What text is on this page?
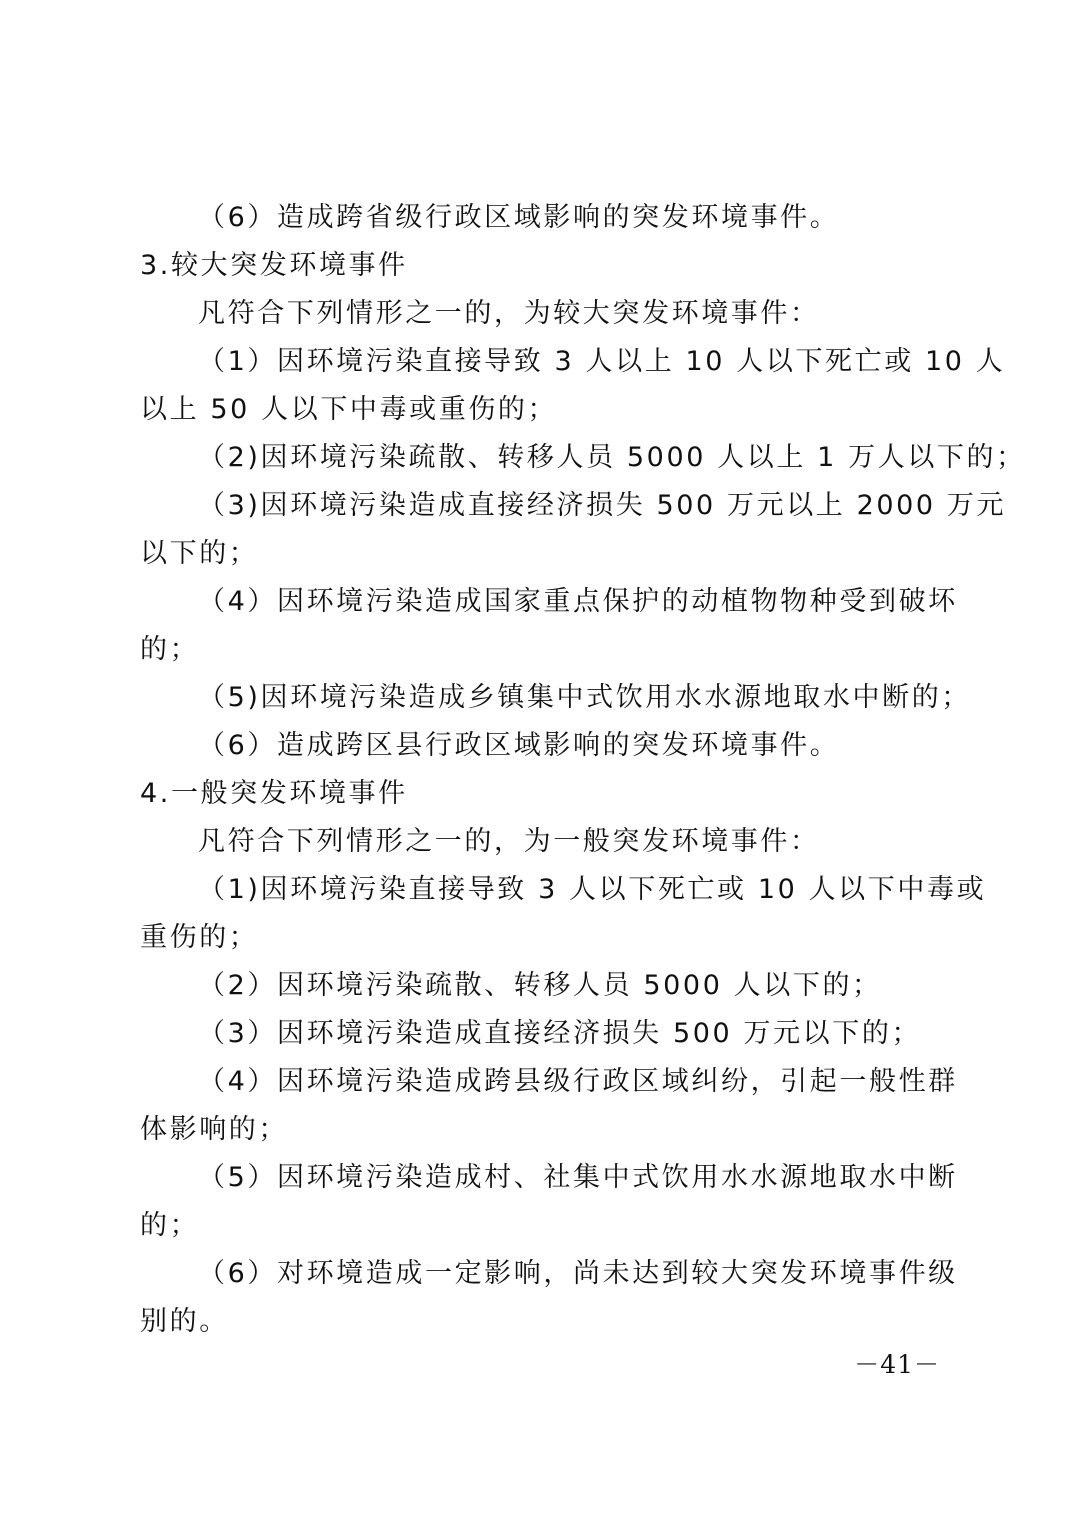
（6）造成跨省级行政区域影响的突发环境事件。
3.较大突发环境事件
凡符合下列情形之一的，为较大突发环境事件：
（1）因环境污染直接导致 3 人以上 10 人以下死亡或 10 人
以上 50 人以下中毒或重伤的；
（2)因环境污染疏散、转移人员 5000 人以上 1 万人以下的；
（3)因环境污染造成直接经济损失 500 万元以上 2000 万元
以下的；
（4）因环境污染造成国家重点保护的动植物物种受到破坏
的；
（5)因环境污染造成乡镇集中式饮用水水源地取水中断的；
（6）造成跨区县行政区域影响的突发环境事件。
4.一般突发环境事件
凡符合下列情形之一的，为一般突发环境事件：
（1)因环境污染直接导致 3 人以下死亡或 10 人以下中毒或
重伤的；
（2）因环境污染疏散、转移人员 5000 人以下的；
（3）因环境污染造成直接经济损失 500 万元以下的；
（4）因环境污染造成跨县级行政区域纠纷，引起一般性群
体影响的；
（5）因环境污染造成村、社集中式饮用水水源地取水中断
的；
（6）对环境造成一定影响，尚未达到较大突发环境事件级
别的。
－41－
